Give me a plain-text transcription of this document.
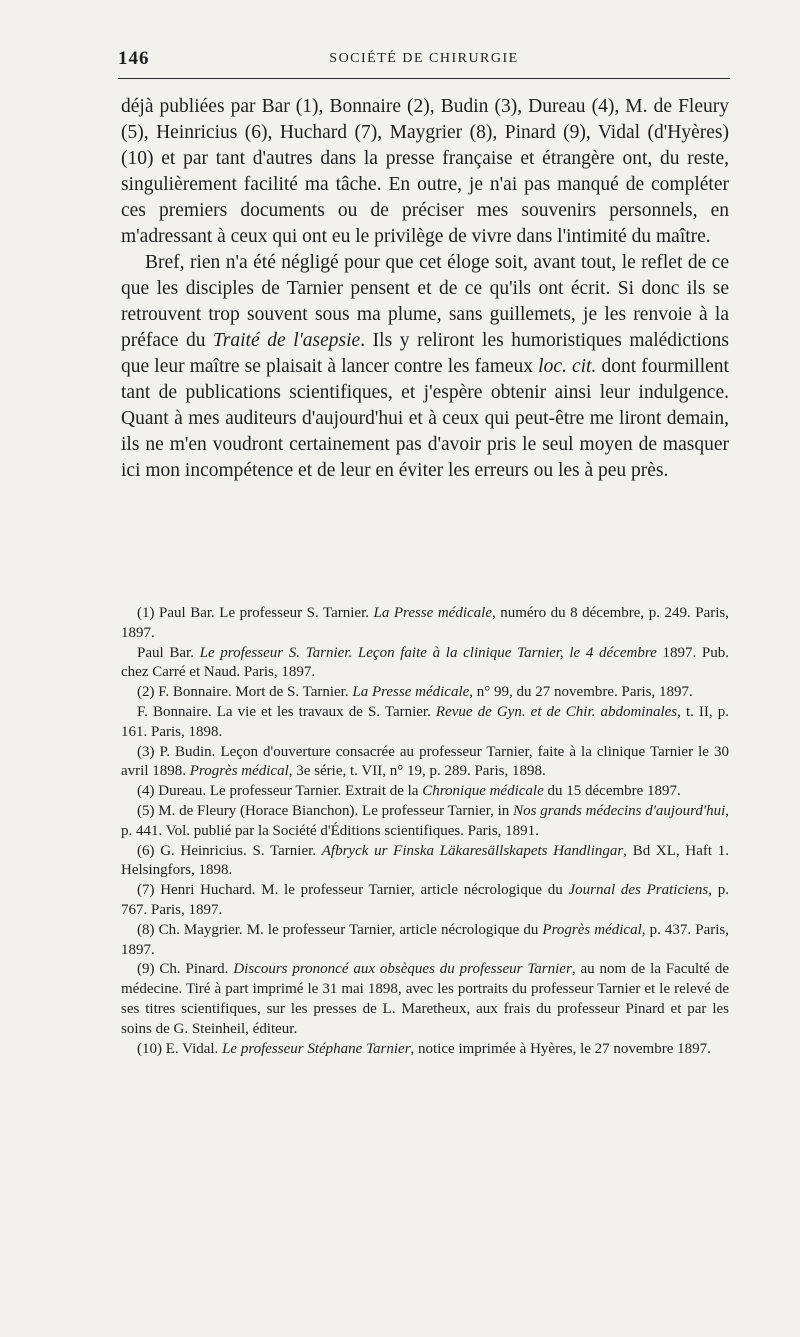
146	SOCIÉTÉ DE CHIRURGIE

déjà publiées par Bar (1), Bonnaire (2), Budin (3), Dureau (4), M. de Fleury (5), Heinricius (6), Huchard (7), Maygrier (8), Pinard (9), Vidal (d'Hyères) (10) et par tant d'autres dans la presse française et étrangère ont, du reste, singulièrement facilité ma tâche. En outre, je n'ai pas manqué de compléter ces premiers documents ou de préciser mes souvenirs personnels, en m'adressant à ceux qui ont eu le privilège de vivre dans l'intimité du maître.

Bref, rien n'a été négligé pour que cet éloge soit, avant tout, le reflet de ce que les disciples de Tarnier pensent et de ce qu'ils ont écrit. Si donc ils se retrouvent trop souvent sous ma plume, sans guillemets, je les renvoie à la préface du Traité de l'asepsie. Ils y reliront les humoristiques malédictions que leur maître se plaisait à lancer contre les fameux loc. cit. dont fourmillent tant de publications scientifiques, et j'espère obtenir ainsi leur indulgence. Quant à mes auditeurs d'aujourd'hui et à ceux qui peut-être me liront demain, ils ne m'en voudront certainement pas d'avoir pris le seul moyen de masquer ici mon incompétence et de leur en éviter les erreurs ou les à peu près.

(1) Paul Bar. Le professeur S. Tarnier. La Presse médicale, numéro du 8 décembre, p. 249. Paris, 1897.

Paul Bar. Le professeur S. Tarnier. Leçon faite à la clinique Tarnier, le 4 décembre 1897. Pub. chez Carré et Naud. Paris, 1897.

(2) F. Bonnaire. Mort de S. Tarnier. La Presse médicale, n° 99, du 27 novembre. Paris, 1897.

F. Bonnaire. La vie et les travaux de S. Tarnier. Revue de Gyn. et de Chir. abdominales, t. II, p. 161. Paris, 1898.

(3) P. Budin. Leçon d'ouverture consacrée au professeur Tarnier, faite à la clinique Tarnier le 30 avril 1898. Progrès médical, 3e série, t. VII, n° 19, p. 289. Paris, 1898.

(4) Dureau. Le professeur Tarnier. Extrait de la Chronique médicale du 15 décembre 1897.

(5) M. de Fleury (Horace Bianchon). Le professeur Tarnier, in Nos grands médecins d'aujourd'hui, p. 441. Vol. publié par la Société d'Éditions scientifiques. Paris, 1891.

(6) G. Heinricius. S. Tarnier. Afbryck ur Finska Läkaresällskapets Handlingar, Bd XL, Haft 1. Helsingfors, 1898.

(7) Henri Huchard. M. le professeur Tarnier, article nécrologique du Journal des Praticiens, p. 767. Paris, 1897.

(8) Ch. Maygrier. M. le professeur Tarnier, article nécrologique du Progrès médical, p. 437. Paris, 1897.

(9) Ch. Pinard. Discours prononcé aux obsèques du professeur Tarnier, au nom de la Faculté de médecine. Tiré à part imprimé le 31 mai 1898, avec les portraits du professeur Tarnier et le relevé de ses titres scientifiques, sur les presses de L. Maretheux, aux frais du professeur Pinard et par les soins de G. Steinheil, éditeur.

(10) E. Vidal. Le professeur Stéphane Tarnier, notice imprimée à Hyères, le 27 novembre 1897.
